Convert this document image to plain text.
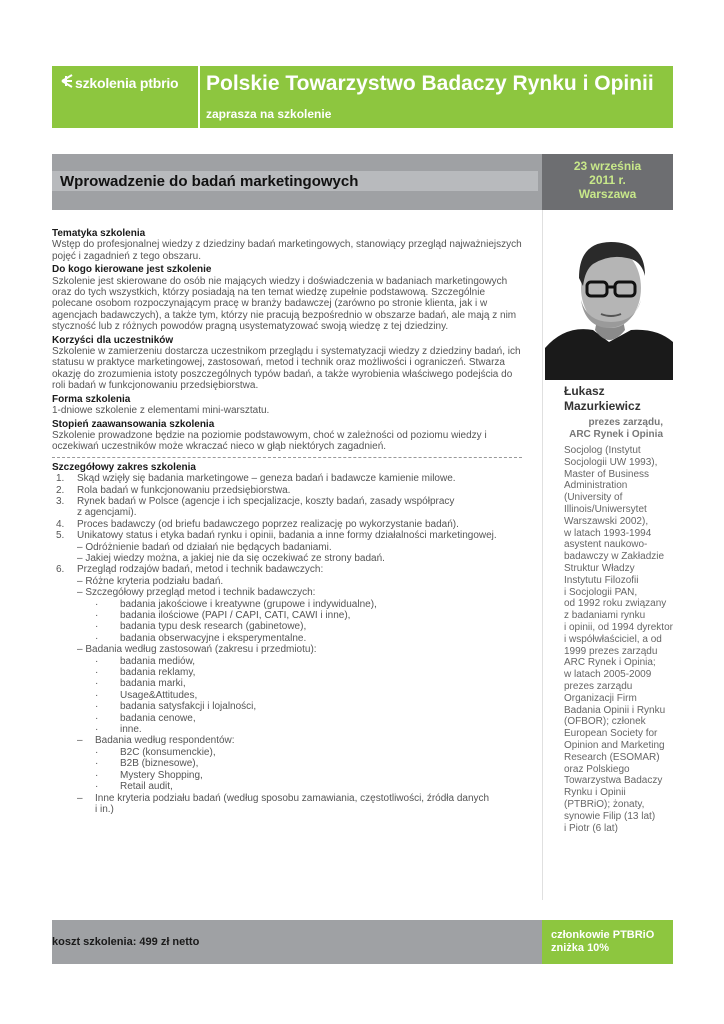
szkolenia ptbrio Polskie Towarzystwo Badaczy Rynku i Opinii
zaprasza na szkolenie
Wprowadzenie do badań marketingowych
23 września
2011 r.
Warszawa
Tematyka szkolenia

Wstęp do profesjonalnej wiedzy z dziedziny badań marketingowych, stanowiący przegląd najważniejszych pojęć i zagadnień z tego obszaru.

Do kogo kierowane jest szkolenie

Szkolenie jest skierowane do osób nie mających wiedzy i doświadczenia w badaniach marketingowych oraz do tych wszystkich, którzy posiadają na ten temat wiedzę zupełnie podstawową. Szczególnie polecane osobom rozpoczynającym pracę w branży badawczej (zarówno po stronie klienta, jak i w agencjach badawczych), a także tym, którzy nie pracują bezpośrednio w obszarze badań, ale mają z nim styczność lub z różnych powodów pragną usystematyzować swoją wiedzę z tej dziedziny.

Korzyści dla uczestników

Szkolenie w zamierzeniu dostarcza uczestnikom przeglądu i systematyzacji wiedzy z dziedziny badań, ich statusu w praktyce marketingowej, zastosowań, metod i technik oraz możliwości i ograniczeń. Stwarza okazję do zrozumienia istoty poszczególnych typów badań, a także wyrobienia właściwego podejścia do roli badań w funkcjonowaniu przedsiębiorstwa.

Forma szkolenia

1-dniowe szkolenie z elementami mini-warsztatu.

Stopień zaawansowania szkolenia

Szkolenie prowadzone będzie na poziomie podstawowym, choć w zależności od poziomu wiedzy i oczekiwań uczestników może wkraczać nieco w głąb niektórych zagadnień.

Szczegółowy zakres szkolenia
1. Skąd wzięły się badania marketingowe – geneza badań i badawcze kamienie milowe.
2. Rola badań w funkcjonowaniu przedsiębiorstwa.
3. Rynek badań w Polsce (agencje i ich specjalizacje, koszty badań, zasady współpracy
z agencjami).
4. Proces badawczy (od briefu badawczego poprzez realizację po wykorzystanie badań).
5. Unikatowy status i etyka badań rynku i opinii, badania a inne formy działalności marketingowej.
– Odróżnienie badań od działań nie będących badaniami.
– Jakiej wiedzy można, a jakiej nie da się oczekiwać ze strony badań.
6. Przegląd rodzajów badań, metod i technik badawczych:
– Różne kryteria podziału badań.
– Szczegółowy przegląd metod i technik badawczych:
· badania jakościowe i kreatywne (grupowe i indywidualne),
· badania ilościowe (PAPI / CAPI, CATI, CAWI i inne),
· badania typu desk research (gabinetowe),
· badania obserwacyjne i eksperymentalne.
– Badania według zastosowań (zakresu i przedmiotu):
· badania mediów,
· badania reklamy,
· badania marki,
· Usage&Attitudes,
· badania satysfakcji i lojalności,
· badania cenowe,
· inne.
– Badania według respondentów:
· B2C (konsumenckie),
· B2B (biznesowe),
· Mystery Shopping,
· Retail audit,
– Inne kryteria podziału badań (według sposobu zamawiania, częstotliwości, źródła danych
i in.)
Łukasz
Mazurkiewicz
prezes zarządu,
ARC Rynek i Opinia
Socjolog (Instytut
Socjologii UW 1993),
Master of Business
Administration
(University of
Illinois/Uniwersytet
Warszawski 2002),
w latach 1993-1994
asystent naukowo-
badawczy w Zakładzie
Struktur Władzy
Instytutu Filozofii
i Socjologii PAN,
od 1992 roku związany
z badaniami rynku
i opinii, od 1994 dyrektor
i współwłaściciel, a od
1999 prezes zarządu
ARC Rynek i Opinia;
w latach 2005-2009
prezes zarządu
Organizacji Firm
Badania Opinii i Rynku
(OFBOR); członek
European Society for
Opinion and Marketing
Research (ESOMAR)
oraz Polskiego
Towarzystwa Badaczy
Rynku i Opinii
(PTBRiO); żonaty,
synowie Filip (13 lat)
i Piotr (6 lat)
koszt szkolenia: 499 zł netto
członkowie PTBRiO
zniżka 10%
